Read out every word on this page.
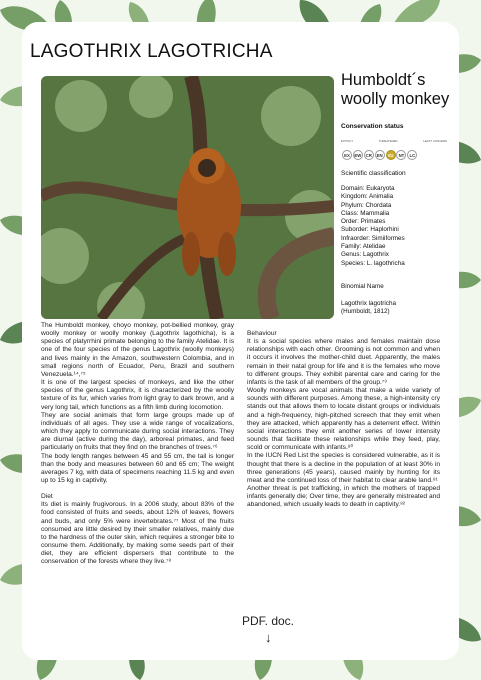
LAGOTHRIX LAGOTRICHA
Humboldt´s woolly monkey
Conservation status
EXTINCT	THREATENED	LEAST CONCERN
EX	EW	CR	EN	VU	NT	LC
Scientific classification
Domain: Eukaryota
Kingdom: Animalia
Phylum: Chordata
Class: Mammalia
Order: Primates
Suborder: Haplorhini
Infraorder: Simiiformes
Family: Atelidae
Genus: Lagothrix
Species: L. lagothricha
Binomial Name
Lagothrix lagotricha
(Humboldt, 1812)

The Humboldt monkey, choyo monkey, pot-bellied monkey, gray woolly monkey or woolly monkey (Lagothrix lagothicha), is a species of platyrrhini primate belonging to the family Atelidae. It is one of the four species of the genus Lagothrix (woolly monkeys) and lives mainly in the Amazon, southwestern Colombia, and in small regions north of Ecuador, Peru, Brazil and southern Venezuela.¹⁴,⁷⁵

It is one of the largest species of monkeys, and like the other species of the genus Lagothrix, it is characterized by the woolly texture of its fur, which varies from light gray to dark brown, and a very long tail, which functions as a fifth limb during locomotion.

They are social animals that form large groups made up of individuals of all ages. They use a wide range of vocalizations, which they apply to communicate during social interactions. They are diurnal (active during the day), arboreal primates, and feed particularly on fruits that they find on the branches of trees.⁷⁶

The body length ranges between 45 and 55 cm, the tail is longer than the body and measures between 60 and 65 cm; The weight averages 7 kg, with data of specimens reaching 11.5 kg and even up to 15 kg in captivity.

Diet

Its diet is mainly frugivorous. In a 2006 study, about 83% of the food consisted of fruits and seeds, about 12% of leaves, flowers and buds, and only 5% were invertebrates.⁷⁷ Most of the fruits consumed are little desired by their smaller relatives, mainly due to the hardness of the outer skin, which requires a stronger bite to consume them. Additionally, by making some seeds part of their diet, they are efficient dispersers that contribute to the conservation of the forests where they live.⁷⁸

Behaviour

It is a social species where males and females maintain dose relationships with each other. Grooming is not common and when it occurs it involves the mother-child duet. Apparently, the males remain in their natal group for life and it is the females who move to different groups. They exhibit parental care and caring for the infants is the task of all members of the group.⁷⁹

Woolly monkeys are vocal animals that make a wide variety of sounds with different purposes. Among these, a high-intensity cry stands out that allows them to locate distant groups or individuals and a high-frequency, high-pitched screech that they emit when they are attacked, which apparently has a deterrent effect. Within social interactions they emit another series of lower intensity sounds that facilitate these relationships while they feed, play, scold or communicate with infants.⁸⁰

In the IUCN Red List the species is considered vulnerable, as it is thought that there is a decline in the population of at least 30% in three generations (45 years), caused mainly by hunting for its meat and the continued loss of their habitat to clear arable land.⁸¹

Another threat is pet trafficking, in which the mothers of trapped infants generally die; Over time, they are generally mistreated and abandoned, which usually leads to death in captivity.⁸²

PDF. doc.
↓
